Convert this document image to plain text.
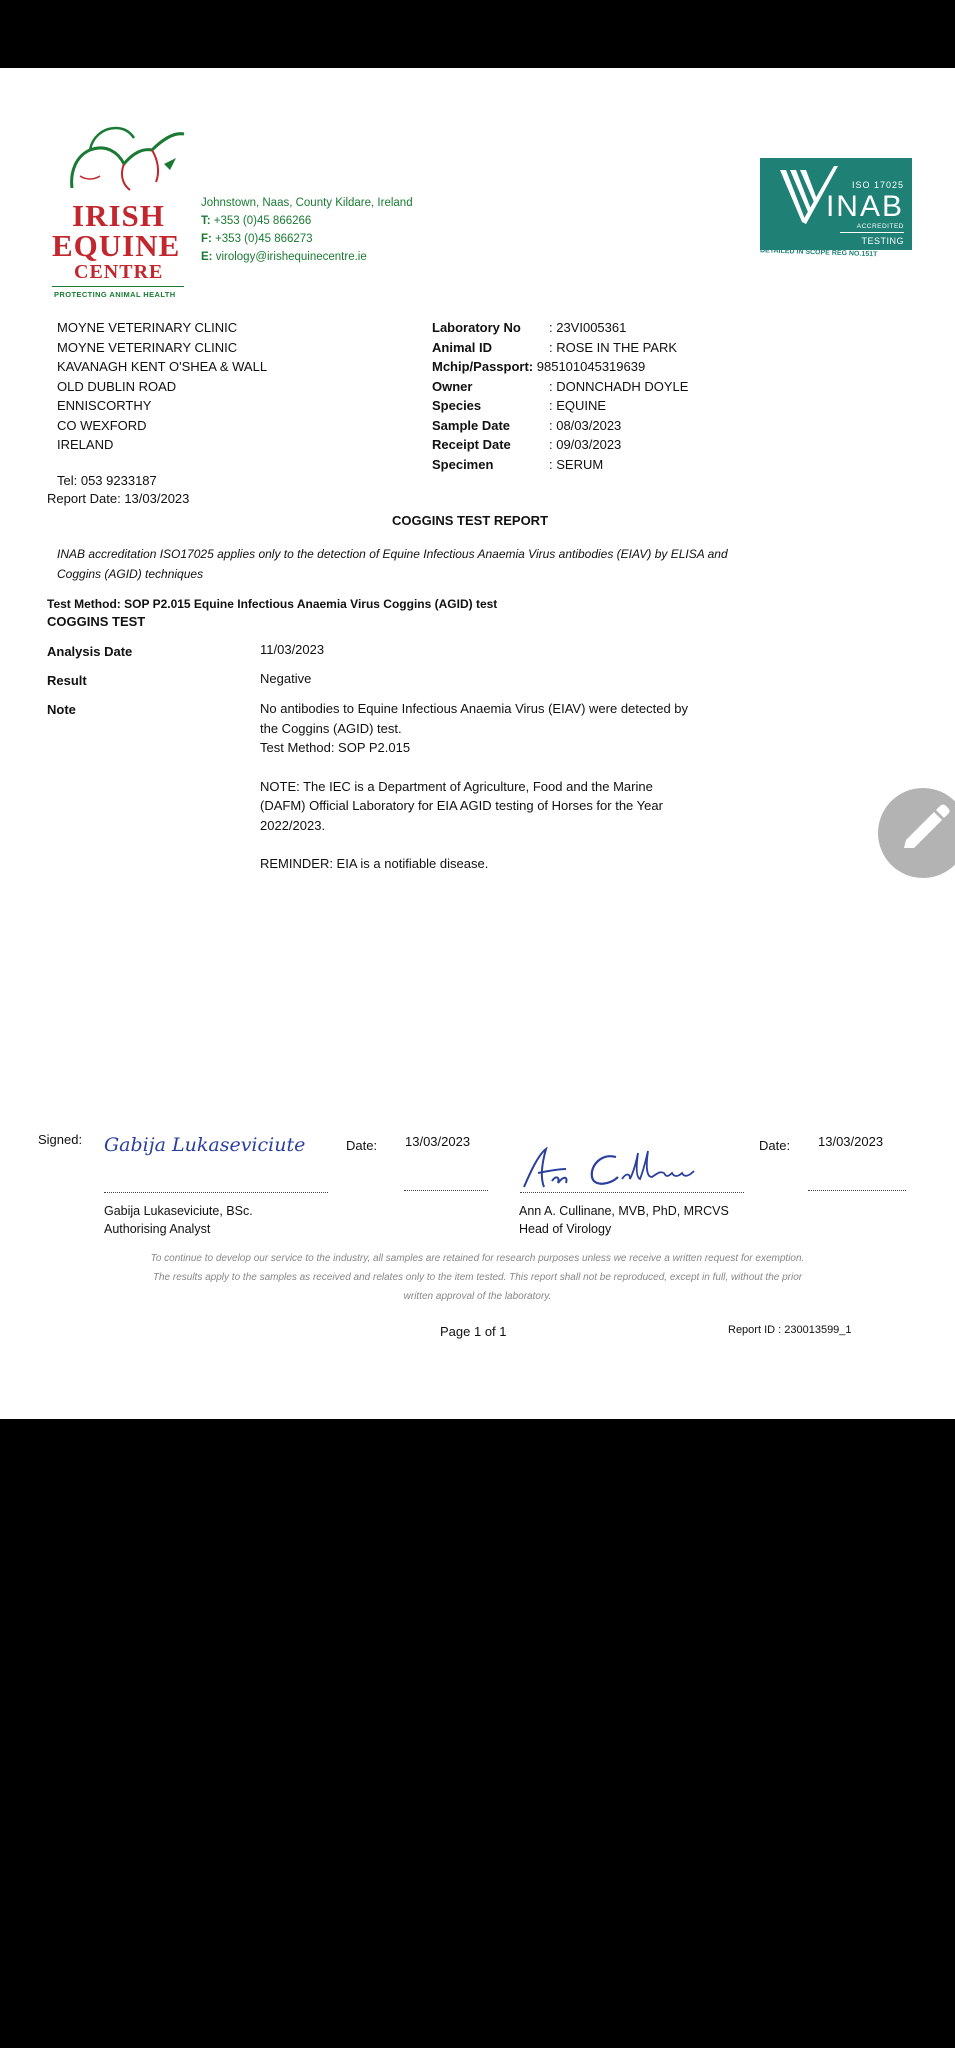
IRISH
EQUINE
CENTRE
PROTECTING ANIMAL HEALTH
Johnstown, Naas, County Kildare, Ireland
T: +353 (0)45 866266
F: +353 (0)45 866273
E: virology@irishequinecentre.ie
ISO 17025
INAB
ACCREDITED
TESTING
DETAILED IN SCOPE REG NO.151T
MOYNE VETERINARY CLINIC
MOYNE VETERINARY CLINIC
KAVANAGH KENT O'SHEA & WALL
OLD DUBLIN ROAD
ENNISCORTHY
CO WEXFORD
IRELAND
Tel: 053 9233187
Report Date: 13/03/2023
Laboratory No	: 23VI005361
Animal ID	: ROSE IN THE PARK
Mchip/Passport:
985101045319639
Owner	: DONNCHADH DOYLE
Species	: EQUINE
Sample Date	: 08/03/2023
Receipt Date	: 09/03/2023
Specimen	: SERUM
COGGINS TEST REPORT
INAB accreditation ISO17025 applies only to the detection of Equine Infectious Anaemia Virus antibodies (EIAV) by ELISA and
Coggins (AGID) techniques
Test Method: SOP P2.015 Equine Infectious Anaemia Virus Coggins (AGID) test
COGGINS TEST
Analysis Date	11/03/2023
Result	Negative
Note	No antibodies to Equine Infectious Anaemia Virus (EIAV) were detected by
the Coggins (AGID) test.
Test Method: SOP P2.015
NOTE: The IEC is a Department of Agriculture, Food and the Marine
(DAFM) Official Laboratory for EIA AGID testing of Horses for the Year
2022/2023.
REMINDER: EIA is a notifiable disease.
Signed: Gabija Lukaseviciute	Date: 13/03/2023	Date: 13/03/2023
Gabija Lukaseviciute, BSc.
Authorising Analyst
Ann A. Cullinane, MVB, PhD, MRCVS
Head of Virology
To continue to develop our service to the industry, all samples are retained for research purposes unless we receive a written request for exemption.
The results apply to the samples as received and relates only to the item tested. This report shall not be reproduced, except in full, without the prior
written approval of the laboratory.
Page 1 of 1	Report ID : 230013599_1
